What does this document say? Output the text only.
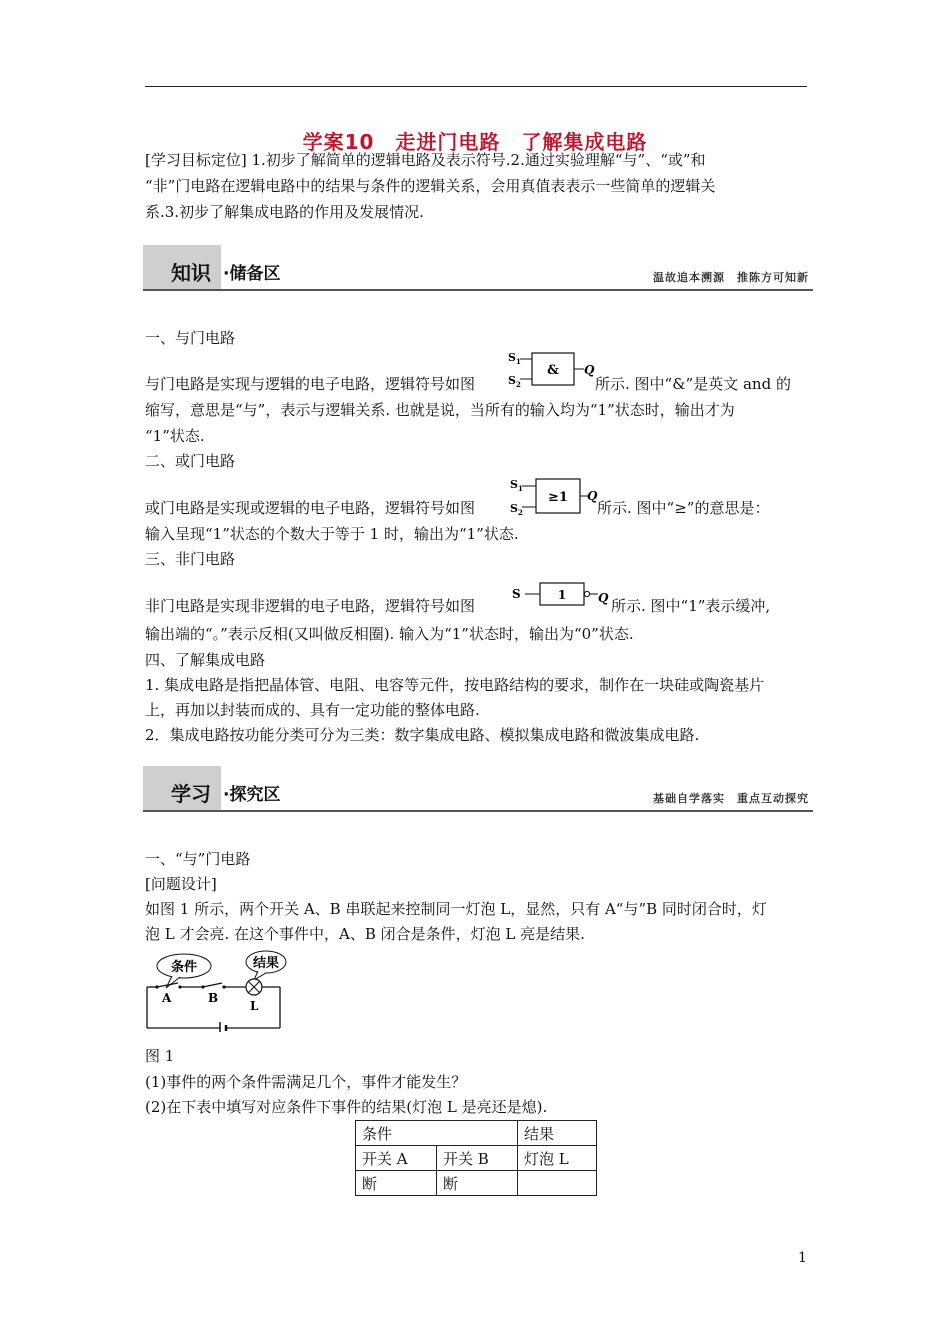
学案10　走进门电路　了解集成电路
[学习目标定位] 1.初步了解简单的逻辑电路及表示符号.2.通过实验理解“与”、“或”和
“非”门电路在逻辑电路中的结果与条件的逻辑关系，会用真值表表示一些简单的逻辑关
系.3.初步了解集成电路的作用及发展情况.
知识 ·储备区	温故追本溯源　推陈方可知新
一、与门电路
与门电路是实现与逻辑的电子电路，逻辑符号如图
$S_1$
$S_2$
& Q
所示. 图中“&”是英文 and 的
缩写，意思是“与”，表示与逻辑关系. 也就是说，当所有的输入均为“1”状态时，输出才为
“1”状态.
二、或门电路
或门电路是实现或逻辑的电子电路，逻辑符号如图
$S_1$
$S_2$
≥1 Q
所示. 图中“≥”的意思是：
输入呈现“1”状态的个数大于等于 1 时，输出为“1”状态.
三、非门电路
非门电路是实现非逻辑的电子电路，逻辑符号如图
S	1	Q 所示. 图中“1”表示缓冲,
输出端的“。”表示反相(又叫做反相圈). 输入为“1”状态时，输出为“0”状态.
四、了解集成电路
1. 集成电路是指把晶体管、电阻、电容等元件，按电路结构的要求，制作在一块硅或陶瓷基片
上，再加以封装而成的、具有一定功能的整体电路.
2．集成电路按功能分类可分为三类：数字集成电路、模拟集成电路和微波集成电路.
学习 ·探究区	基础自学落实　重点互动探究
一、“与”门电路
[问题设计]
如图 1 所示，两个开关 A、B 串联起来控制同一灯泡 L，显然，只有 A“与”B 同时闭合时，灯
泡 L 才会亮. 在这个事件中，A、B 闭合是条件，灯泡 L 亮是结果.
条件	结果
A	B
L
图 1
(1)事件的两个条件需满足几个，事件才能发生？
(2)在下表中填写对应条件下事件的结果(灯泡 L 是亮还是熄).
条件		结果
开关 A	开关 B	灯泡 L
断	断	
1
